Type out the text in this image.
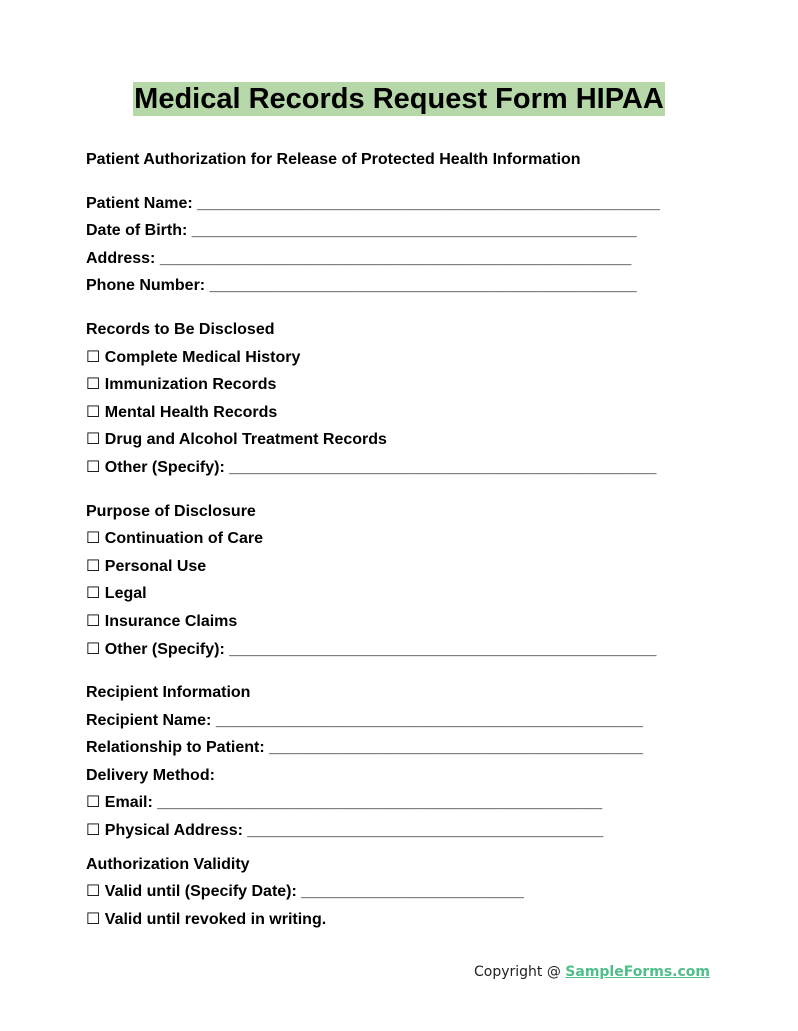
Medical Records Request Form HIPAA
Patient Authorization for Release of Protected Health Information
Patient Name: ____________________________________________________
Date of Birth: __________________________________________________
Address: _____________________________________________________
Phone Number: ________________________________________________
Records to Be Disclosed
☐ Complete Medical History
☐ Immunization Records
☐ Mental Health Records
☐ Drug and Alcohol Treatment Records
☐ Other (Specify): ________________________________________________
Purpose of Disclosure
☐ Continuation of Care
☐ Personal Use
☐ Legal
☐ Insurance Claims
☐ Other (Specify): ________________________________________________
Recipient Information
Recipient Name: ________________________________________________
Relationship to Patient: __________________________________________
Delivery Method:
☐ Email: __________________________________________________
☐ Physical Address: ________________________________________
Authorization Validity
☐ Valid until (Specify Date): _________________________
☐ Valid until revoked in writing.
Copyright @ SampleForms.com
